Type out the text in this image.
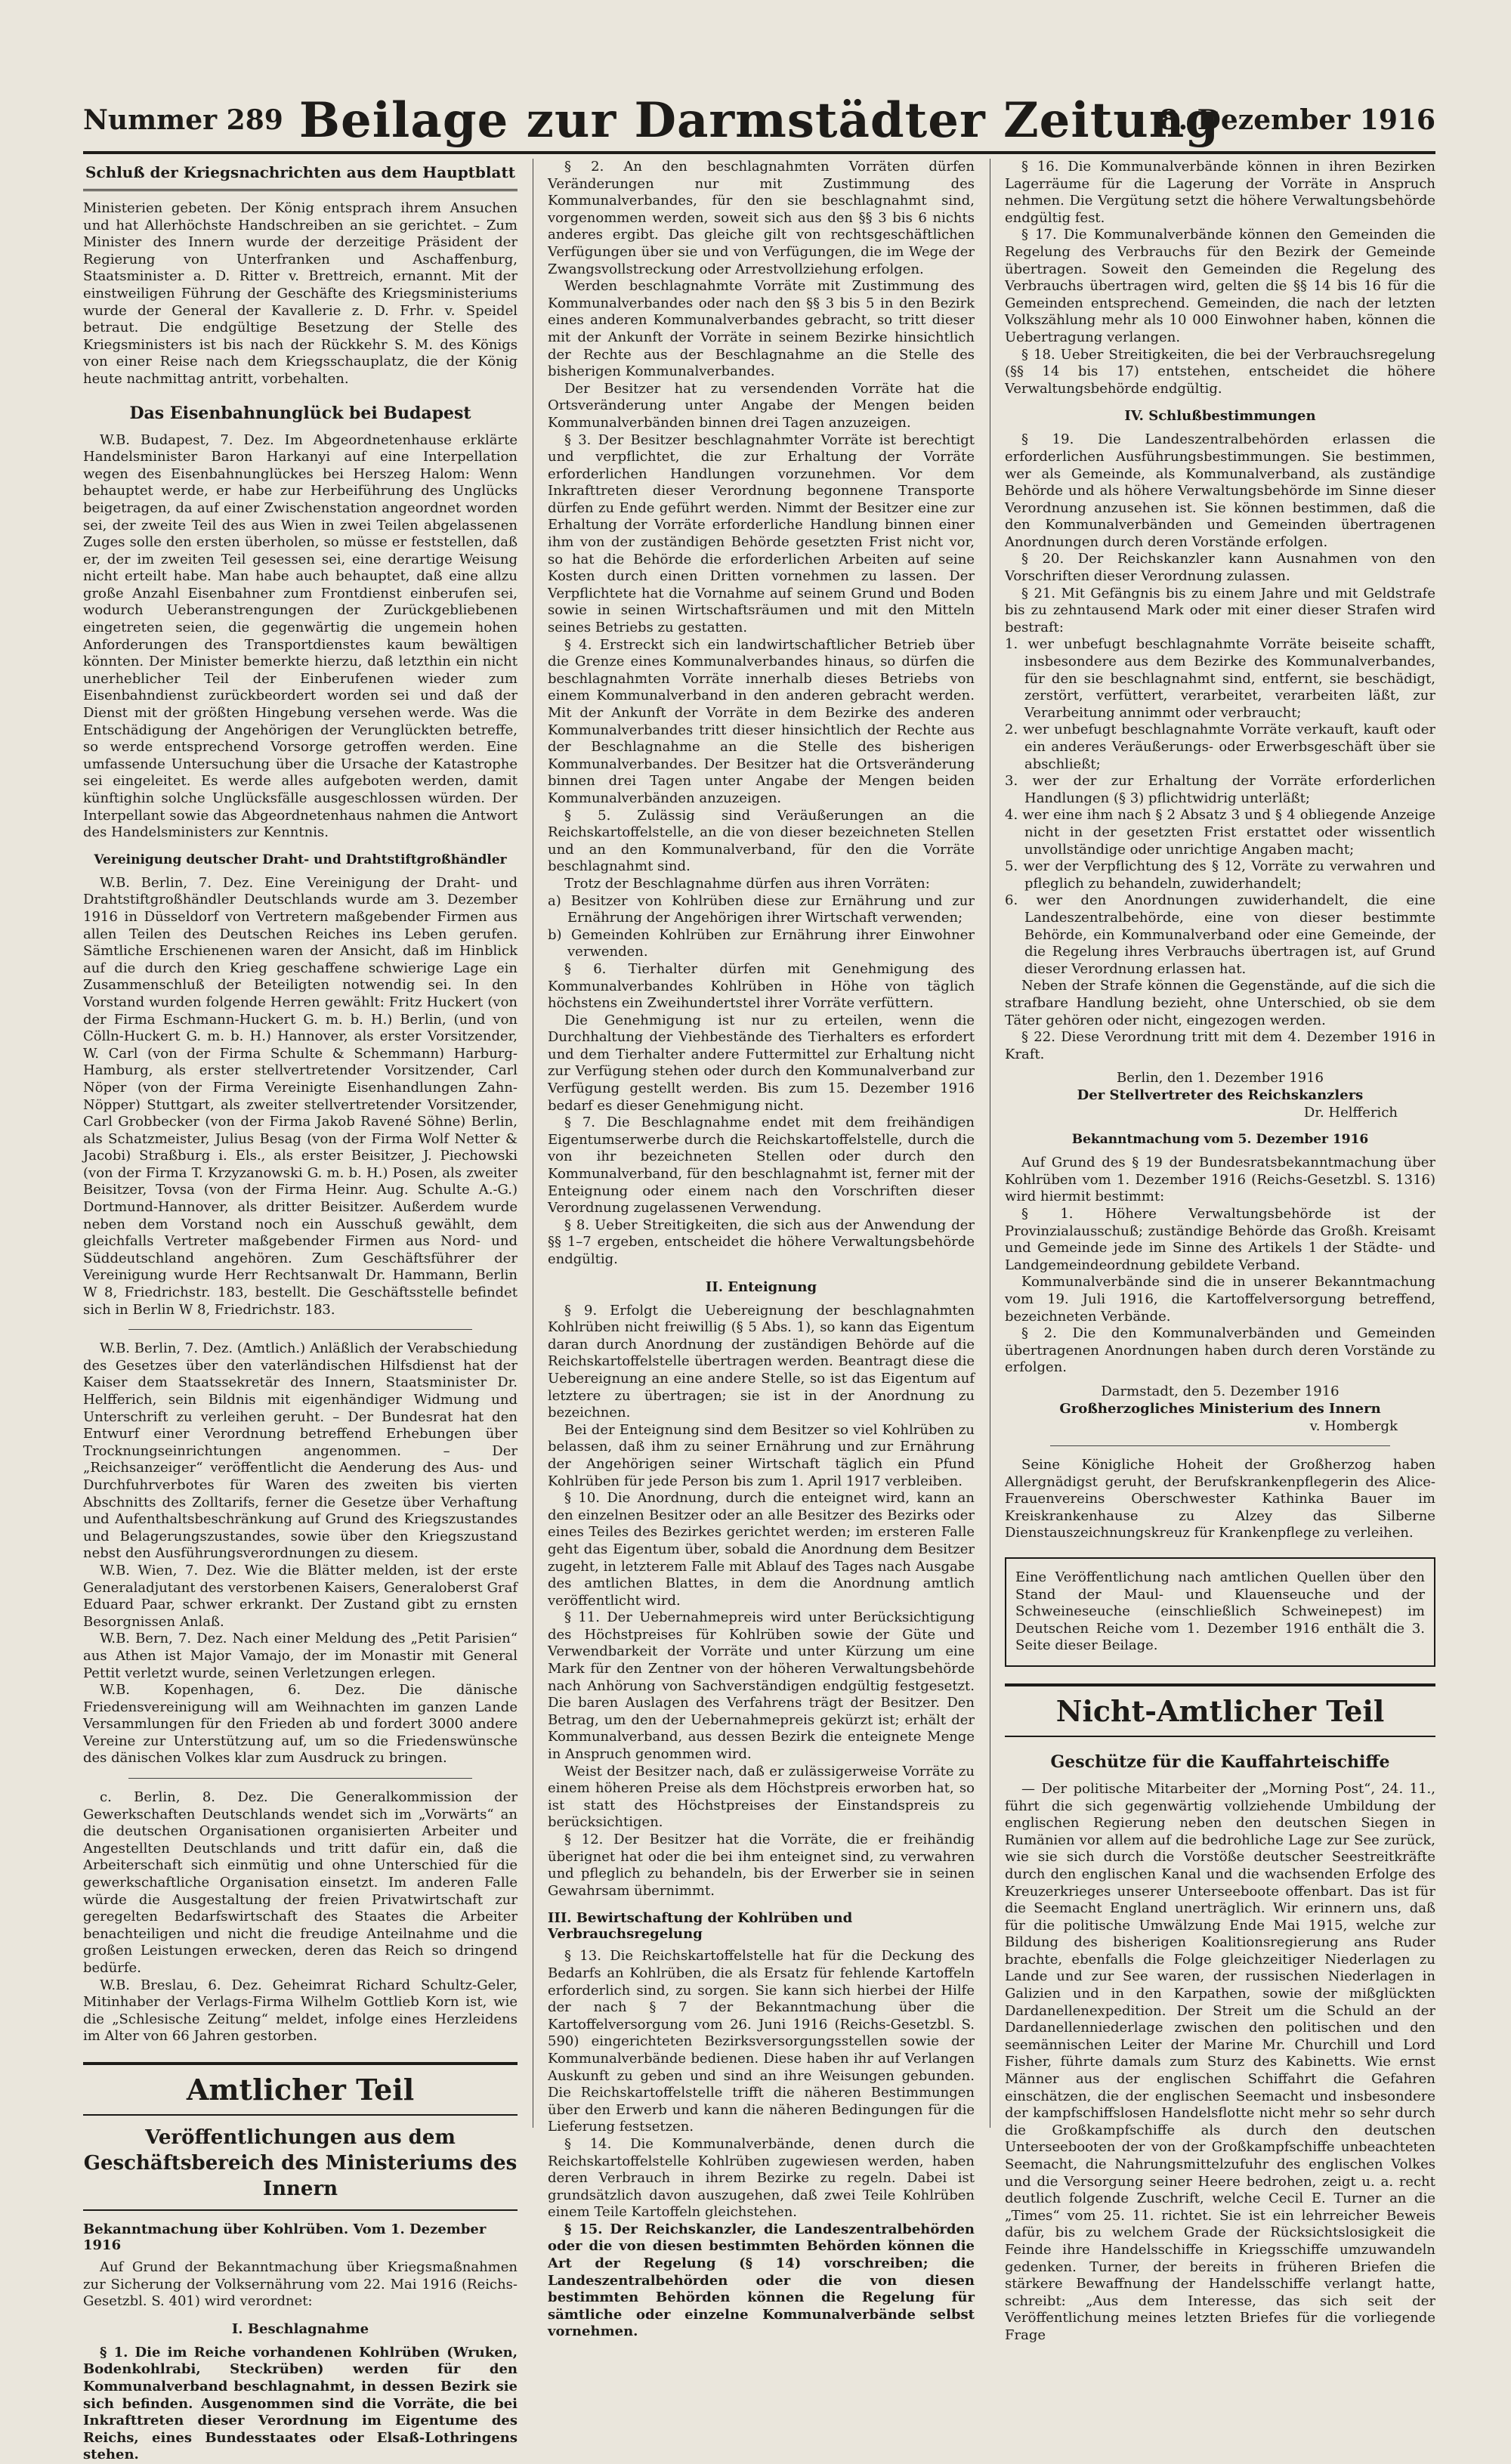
Nummer 289 Beilage zur Darmstädter Zeitung
8. Dezember 1916
Schluß der Kriegsnachrichten aus dem Hauptblatt

Ministerien gebeten. Der König entsprach ihrem Ansuchen und hat Allerhöchste Handschreiben an sie gerichtet. – Zum Minister des Innern wurde der derzeitige Präsident der Regierung von Unterfranken und Aschaffenburg, Staatsminister a. D. Ritter v. Brettreich, ernannt. Mit der einstweiligen Führung der Geschäfte des Kriegsministeriums wurde der General der Kavallerie z. D. Frhr. v. Speidel betraut. Die endgültige Besetzung der Stelle des Kriegsministers ist bis nach der Rückkehr S. M. des Königs von einer Reise nach dem Kriegsschauplatz, die der König heute nachmittag antritt, vorbehalten.

Das Eisenbahnunglück bei Budapest

W.B. Budapest, 7. Dez. Im Abgeordnetenhause erklärte Handelsminister Baron Harkanyi auf eine Interpellation wegen des Eisenbahnunglückes bei Herszeg Halom: Wenn behauptet werde, er habe zur Herbeiführung des Unglücks beigetragen, da auf einer Zwischenstation angeordnet worden sei, der zweite Teil des aus Wien in zwei Teilen abgelassenen Zuges solle den ersten überholen, so müsse er feststellen, daß er, der im zweiten Teil gesessen sei, eine derartige Weisung nicht erteilt habe. Man habe auch behauptet, daß eine allzu große Anzahl Eisenbahner zum Frontdienst einberufen sei, wodurch Ueberanstrengungen der Zurückgebliebenen eingetreten seien, die gegenwärtig die ungemein hohen Anforderungen des Transportdienstes kaum bewältigen könnten. Der Minister bemerkte hierzu, daß letzthin ein nicht unerheblicher Teil der Einberufenen wieder zum Eisenbahndienst zurückbeordert worden sei und daß der Dienst mit der größten Hingebung versehen werde. Was die Entschädigung der Angehörigen der Verunglückten betreffe, so werde entsprechend Vorsorge getroffen werden. Eine umfassende Untersuchung über die Ursache der Katastrophe sei eingeleitet. Es werde alles aufgeboten werden, damit künftighin solche Unglücksfälle ausgeschlossen würden. Der Interpellant sowie das Abgeordnetenhaus nahmen die Antwort des Handelsministers zur Kenntnis.

Vereinigung deutscher Draht- und Drahtstiftgroßhändler

W.B. Berlin, 7. Dez. Eine Vereinigung der Draht- und Drahtstiftgroßhändler Deutschlands wurde am 3. Dezember 1916 in Düsseldorf von Vertretern maßgebender Firmen aus allen Teilen des Deutschen Reiches ins Leben gerufen. Sämtliche Erschienenen waren der Ansicht, daß im Hinblick auf die durch den Krieg geschaffene schwierige Lage ein Zusammenschluß der Beteiligten notwendig sei. In den Vorstand wurden folgende Herren gewählt: Fritz Huckert (von der Firma Eschmann-Huckert G. m. b. H.) Berlin, (und von Cölln-Huckert G. m. b. H.) Hannover, als erster Vorsitzender, W. Carl (von der Firma Schulte & Schemmann) Harburg-Hamburg, als erster stellvertretender Vorsitzender, Carl Nöper (von der Firma Vereinigte Eisenhandlungen Zahn-Nöpper) Stuttgart, als zweiter stellvertretender Vorsitzender, Carl Grobbecker (von der Firma Jakob Ravené Söhne) Berlin, als Schatzmeister, Julius Besag (von der Firma Wolf Netter & Jacobi) Straßburg i. Els., als erster Beisitzer, J. Piechowski (von der Firma T. Krzyzanowski G. m. b. H.) Posen, als zweiter Beisitzer, Tovsa (von der Firma Heinr. Aug. Schulte A.-G.) Dortmund-Hannover, als dritter Beisitzer. Außerdem wurde neben dem Vorstand noch ein Ausschuß gewählt, dem gleichfalls Vertreter maßgebender Firmen aus Nord- und Süddeutschland angehören. Zum Geschäftsführer der Vereinigung wurde Herr Rechtsanwalt Dr. Hammann, Berlin W 8, Friedrichstr. 183, bestellt. Die Geschäftsstelle befindet sich in Berlin W 8, Friedrichstr. 183.

W.B. Berlin, 7. Dez. (Amtlich.) Anläßlich der Verabschiedung des Gesetzes über den vaterländischen Hilfsdienst hat der Kaiser dem Staatssekretär des Innern, Staatsminister Dr. Helfferich, sein Bildnis mit eigenhändiger Widmung und Unterschrift zu verleihen geruht. – Der Bundesrat hat den Entwurf einer Verordnung betreffend Erhebungen über Trocknungseinrichtungen angenommen. – Der „Reichsanzeiger“ veröffentlicht die Aenderung des Aus- und Durchfuhrverbotes für Waren des zweiten bis vierten Abschnitts des Zolltarifs, ferner die Gesetze über Verhaftung und Aufenthaltsbeschränkung auf Grund des Kriegszustandes und Belagerungszustandes, sowie über den Kriegszustand nebst den Ausführungsverordnungen zu diesem.

W.B. Wien, 7. Dez. Wie die Blätter melden, ist der erste Generaladjutant des verstorbenen Kaisers, Generaloberst Graf Eduard Paar, schwer erkrankt. Der Zustand gibt zu ernsten Besorgnissen Anlaß.

W.B. Bern, 7. Dez. Nach einer Meldung des „Petit Parisien“ aus Athen ist Major Vamajo, der im Monastir mit General Pettit verletzt wurde, seinen Verletzungen erlegen.

W.B. Kopenhagen, 6. Dez. Die dänische Friedensvereinigung will am Weihnachten im ganzen Lande Versammlungen für den Frieden ab und fordert 3000 andere Vereine zur Unterstützung auf, um so die Friedenswünsche des dänischen Volkes klar zum Ausdruck zu bringen.

c. Berlin, 8. Dez. Die Generalkommission der Gewerkschaften Deutschlands wendet sich im „Vorwärts“ an die deutschen Organisationen organisierten Arbeiter und Angestellten Deutschlands und tritt dafür ein, daß die Arbeiterschaft sich einmütig und ohne Unterschied für die gewerkschaftliche Organisation einsetzt. Im anderen Falle würde die Ausgestaltung der freien Privatwirtschaft zur geregelten Bedarfswirtschaft des Staates die Arbeiter benachteiligen und nicht die freudige Anteilnahme und die großen Leistungen erwecken, deren das Reich so dringend bedürfe.

W.B. Breslau, 6. Dez. Geheimrat Richard Schultz-Geler, Mitinhaber der Verlags-Firma Wilhelm Gottlieb Korn ist, wie die „Schlesische Zeitung“ meldet, infolge eines Herzleidens im Alter von 66 Jahren gestorben.

Amtlicher Teil
Veröffentlichungen aus dem Geschäftsbereich des Ministeriums des Innern
Bekanntmachung über Kohlrüben. Vom 1. Dezember 1916

Auf Grund der Bekanntmachung über Kriegsmaßnahmen zur Sicherung der Volksernährung vom 22. Mai 1916 (Reichs-Gesetzbl. S. 401) wird verordnet:

I. Beschlagnahme

§ 1. Die im Reiche vorhandenen Kohlrüben (Wruken, Bodenkohlrabi, Steckrüben) werden für den Kommunalverband beschlagnahmt, in dessen Bezirk sie sich befinden. Ausgenommen sind die Vorräte, die bei Inkrafttreten dieser Verordnung im Eigentume des Reichs, eines Bundesstaates oder Elsaß-Lothringens stehen.

§ 2. An den beschlagnahmten Vorräten dürfen Veränderungen nur mit Zustimmung des Kommunalverbandes, für den sie beschlagnahmt sind, vorgenommen werden, soweit sich aus den §§ 3 bis 6 nichts anderes ergibt. Das gleiche gilt von rechtsgeschäftlichen Verfügungen über sie und von Verfügungen, die im Wege der Zwangsvollstreckung oder Arrestvollziehung erfolgen.

Werden beschlagnahmte Vorräte mit Zustimmung des Kommunalverbandes oder nach den §§ 3 bis 5 in den Bezirk eines anderen Kommunalverbandes gebracht, so tritt dieser mit der Ankunft der Vorräte in seinem Bezirke hinsichtlich der Rechte aus der Beschlagnahme an die Stelle des bisherigen Kommunalverbandes.

Der Besitzer hat zu versendenden Vorräte hat die Ortsveränderung unter Angabe der Mengen beiden Kommunalverbänden binnen drei Tagen anzuzeigen.

§ 3. Der Besitzer beschlagnahmter Vorräte ist berechtigt und verpflichtet, die zur Erhaltung der Vorräte erforderlichen Handlungen vorzunehmen. Vor dem Inkrafttreten dieser Verordnung begonnene Transporte dürfen zu Ende geführt werden. Nimmt der Besitzer eine zur Erhaltung der Vorräte erforderliche Handlung binnen einer ihm von der zuständigen Behörde gesetzten Frist nicht vor, so hat die Behörde die erforderlichen Arbeiten auf seine Kosten durch einen Dritten vornehmen zu lassen. Der Verpflichtete hat die Vornahme auf seinem Grund und Boden sowie in seinen Wirtschaftsräumen und mit den Mitteln seines Betriebs zu gestatten.

§ 4. Erstreckt sich ein landwirtschaftlicher Betrieb über die Grenze eines Kommunalverbandes hinaus, so dürfen die beschlagnahmten Vorräte innerhalb dieses Betriebs von einem Kommunalverband in den anderen gebracht werden. Mit der Ankunft der Vorräte in dem Bezirke des anderen Kommunalverbandes tritt dieser hinsichtlich der Rechte aus der Beschlagnahme an die Stelle des bisherigen Kommunalverbandes. Der Besitzer hat die Ortsveränderung binnen drei Tagen unter Angabe der Mengen beiden Kommunalverbänden anzuzeigen.

§ 5. Zulässig sind Veräußerungen an die Reichskartoffelstelle, an die von dieser bezeichneten Stellen und an den Kommunalverband, für den die Vorräte beschlagnahmt sind.

Trotz der Beschlagnahme dürfen aus ihren Vorräten:

a) Besitzer von Kohlrüben diese zur Ernährung und zur Ernährung der Angehörigen ihrer Wirtschaft verwenden;

b) Gemeinden Kohlrüben zur Ernährung ihrer Einwohner verwenden.

§ 6. Tierhalter dürfen mit Genehmigung des Kommunalverbandes Kohlrüben in Höhe von täglich höchstens ein Zweihundertstel ihrer Vorräte verfüttern.

Die Genehmigung ist nur zu erteilen, wenn die Durchhaltung der Viehbestände des Tierhalters es erfordert und dem Tierhalter andere Futtermittel zur Erhaltung nicht zur Verfügung stehen oder durch den Kommunalverband zur Verfügung gestellt werden. Bis zum 15. Dezember 1916 bedarf es dieser Genehmigung nicht.

§ 7. Die Beschlagnahme endet mit dem freihändigen Eigentumserwerbe durch die Reichskartoffelstelle, durch die von ihr bezeichneten Stellen oder durch den Kommunalverband, für den beschlagnahmt ist, ferner mit der Enteignung oder einem nach den Vorschriften dieser Verordnung zugelassenen Verwendung.

§ 8. Ueber Streitigkeiten, die sich aus der Anwendung der §§ 1–7 ergeben, entscheidet die höhere Verwaltungsbehörde endgültig.

II. Enteignung

§ 9. Erfolgt die Uebereignung der beschlagnahmten Kohlrüben nicht freiwillig (§ 5 Abs. 1), so kann das Eigentum daran durch Anordnung der zuständigen Behörde auf die Reichskartoffelstelle übertragen werden. Beantragt diese die Uebereignung an eine andere Stelle, so ist das Eigentum auf letztere zu übertragen; sie ist in der Anordnung zu bezeichnen.

Bei der Enteignung sind dem Besitzer so viel Kohlrüben zu belassen, daß ihm zu seiner Ernährung und zur Ernährung der Angehörigen seiner Wirtschaft täglich ein Pfund Kohlrüben für jede Person bis zum 1. April 1917 verbleiben.

§ 10. Die Anordnung, durch die enteignet wird, kann an den einzelnen Besitzer oder an alle Besitzer des Bezirks oder eines Teiles des Bezirkes gerichtet werden; im ersteren Falle geht das Eigentum über, sobald die Anordnung dem Besitzer zugeht, in letzterem Falle mit Ablauf des Tages nach Ausgabe des amtlichen Blattes, in dem die Anordnung amtlich veröffentlicht wird.

§ 11. Der Uebernahmepreis wird unter Berücksichtigung des Höchstpreises für Kohlrüben sowie der Güte und Verwendbarkeit der Vorräte und unter Kürzung um eine Mark für den Zentner von der höheren Verwaltungsbehörde nach Anhörung von Sachverständigen endgültig festgesetzt. Die baren Auslagen des Verfahrens trägt der Besitzer. Den Betrag, um den der Uebernahmepreis gekürzt ist; erhält der Kommunalverband, aus dessen Bezirk die enteignete Menge in Anspruch genommen wird.

Weist der Besitzer nach, daß er zulässigerweise Vorräte zu einem höheren Preise als dem Höchstpreis erworben hat, so ist statt des Höchstpreises der Einstandspreis zu berücksichtigen.

§ 12. Der Besitzer hat die Vorräte, die er freihändig überignet hat oder die bei ihm enteignet sind, zu verwahren und pfleglich zu behandeln, bis der Erwerber sie in seinen Gewahrsam übernimmt.

III. Bewirtschaftung der Kohlrüben und Verbrauchsregelung

§ 13. Die Reichskartoffelstelle hat für die Deckung des Bedarfs an Kohlrüben, die als Ersatz für fehlende Kartoffeln erforderlich sind, zu sorgen. Sie kann sich hierbei der Hilfe der nach § 7 der Bekanntmachung über die Kartoffelversorgung vom 26. Juni 1916 (Reichs-Gesetzbl. S. 590) eingerichteten Bezirksversorgungsstellen sowie der Kommunalverbände bedienen. Diese haben ihr auf Verlangen Auskunft zu geben und sind an ihre Weisungen gebunden. Die Reichskartoffelstelle trifft die näheren Bestimmungen über den Erwerb und kann die näheren Bedingungen für die Lieferung festsetzen.

§ 14. Die Kommunalverbände, denen durch die Reichskartoffelstelle Kohlrüben zugewiesen werden, haben deren Verbrauch in ihrem Bezirke zu regeln. Dabei ist grundsätzlich davon auszugehen, daß zwei Teile Kohlrüben einem Teile Kartoffeln gleichstehen.

§ 15. Der Reichskanzler, die Landeszentralbehörden oder die von diesen bestimmten Behörden können die Art der Regelung (§ 14) vorschreiben; die Landeszentralbehörden oder die von diesen bestimmten Behörden können die Regelung für sämtliche oder einzelne Kommunalverbände selbst vornehmen.

§ 16. Die Kommunalverbände können in ihren Bezirken Lagerräume für die Lagerung der Vorräte in Anspruch nehmen. Die Vergütung setzt die höhere Verwaltungsbehörde endgültig fest.

§ 17. Die Kommunalverbände können den Gemeinden die Regelung des Verbrauchs für den Bezirk der Gemeinde übertragen. Soweit den Gemeinden die Regelung des Verbrauchs übertragen wird, gelten die §§ 14 bis 16 für die Gemeinden entsprechend. Gemeinden, die nach der letzten Volkszählung mehr als 10 000 Einwohner haben, können die Uebertragung verlangen.

§ 18. Ueber Streitigkeiten, die bei der Verbrauchsregelung (§§ 14 bis 17) entstehen, entscheidet die höhere Verwaltungsbehörde endgültig.

IV. Schlußbestimmungen

§ 19. Die Landeszentralbehörden erlassen die erforderlichen Ausführungsbestimmungen. Sie bestimmen, wer als Gemeinde, als Kommunalverband, als zuständige Behörde und als höhere Verwaltungsbehörde im Sinne dieser Verordnung anzusehen ist. Sie können bestimmen, daß die den Kommunalverbänden und Gemeinden übertragenen Anordnungen durch deren Vorstände erfolgen.

§ 20. Der Reichskanzler kann Ausnahmen von den Vorschriften dieser Verordnung zulassen.

§ 21. Mit Gefängnis bis zu einem Jahre und mit Geldstrafe bis zu zehntausend Mark oder mit einer dieser Strafen wird bestraft:

1. wer unbefugt beschlagnahmte Vorräte beiseite schafft, insbesondere aus dem Bezirke des Kommunalverbandes, für den sie beschlagnahmt sind, entfernt, sie beschädigt, zerstört, verfüttert, verarbeitet, verarbeiten läßt, zur Verarbeitung annimmt oder verbraucht;

2. wer unbefugt beschlagnahmte Vorräte verkauft, kauft oder ein anderes Veräußerungs- oder Erwerbsgeschäft über sie abschließt;

3. wer der zur Erhaltung der Vorräte erforderlichen Handlungen (§ 3) pflichtwidrig unterläßt;

4. wer eine ihm nach § 2 Absatz 3 und § 4 obliegende Anzeige nicht in der gesetzten Frist erstattet oder wissentlich unvollständige oder unrichtige Angaben macht;

5. wer der Verpflichtung des § 12, Vorräte zu verwahren und pfleglich zu behandeln, zuwiderhandelt;

6. wer den Anordnungen zuwiderhandelt, die eine Landeszentralbehörde, eine von dieser bestimmte Behörde, ein Kommunalverband oder eine Gemeinde, der die Regelung ihres Verbrauchs übertragen ist, auf Grund dieser Verordnung erlassen hat.

Neben der Strafe können die Gegenstände, auf die sich die strafbare Handlung bezieht, ohne Unterschied, ob sie dem Täter gehören oder nicht, eingezogen werden.

§ 22. Diese Verordnung tritt mit dem 4. Dezember 1916 in Kraft.

Berlin, den 1. Dezember 1916
Der Stellvertreter des Reichskanzlers
Dr. Helfferich
Bekanntmachung vom 5. Dezember 1916

Auf Grund des § 19 der Bundesratsbekanntmachung über Kohlrüben vom 1. Dezember 1916 (Reichs-Gesetzbl. S. 1316) wird hiermit bestimmt:

§ 1. Höhere Verwaltungsbehörde ist der Provinzialausschuß; zuständige Behörde das Großh. Kreisamt und Gemeinde jede im Sinne des Artikels 1 der Städte- und Landgemeindeordnung gebildete Verband.

Kommunalverbände sind die in unserer Bekanntmachung vom 19. Juli 1916, die Kartoffelversorgung betreffend, bezeichneten Verbände.

§ 2. Die den Kommunalverbänden und Gemeinden übertragenen Anordnungen haben durch deren Vorstände zu erfolgen.

Darmstadt, den 5. Dezember 1916
Großherzogliches Ministerium des Innern
v. Hombergk

Seine Königliche Hoheit der Großherzog haben Allergnädigst geruht, der Berufskrankenpflegerin des Alice-Frauenvereins Oberschwester Kathinka Bauer im Kreiskrankenhause zu Alzey das Silberne Dienstauszeichnungskreuz für Krankenpflege zu verleihen.

Eine Veröffentlichung nach amtlichen Quellen über den Stand der Maul- und Klauenseuche und der Schweineseuche (einschließlich Schweinepest) im Deutschen Reiche vom 1. Dezember 1916 enthält die 3. Seite dieser Beilage.

Nicht-Amtlicher Teil
Geschütze für die Kauffahrteischiffe

— Der politische Mitarbeiter der „Morning Post“, 24. 11., führt die sich gegenwärtig vollziehende Umbildung der englischen Regierung neben den deutschen Siegen in Rumänien vor allem auf die bedrohliche Lage zur See zurück, wie sie sich durch die Vorstöße deutscher Seestreitkräfte durch den englischen Kanal und die wachsenden Erfolge des Kreuzerkrieges unserer Unterseeboote offenbart. Das ist für die Seemacht England unerträglich. Wir erinnern uns, daß für die politische Umwälzung Ende Mai 1915, welche zur Bildung des bisherigen Koalitionsregierung ans Ruder brachte, ebenfalls die Folge gleichzeitiger Niederlagen zu Lande und zur See waren, der russischen Niederlagen in Galizien und in den Karpathen, sowie der mißglückten Dardanellenexpedition. Der Streit um die Schuld an der Dardanellenniederlage zwischen den politischen und den seemännischen Leiter der Marine Mr. Churchill und Lord Fisher, führte damals zum Sturz des Kabinetts. Wie ernst Männer aus der englischen Schiffahrt die Gefahren einschätzen, die der englischen Seemacht und insbesondere der kampfschiffslosen Handelsflotte nicht mehr so sehr durch die Großkampfschiffe als durch den deutschen Unterseebooten der von der Großkampfschiffe unbeachteten Seemacht, die Nahrungsmittelzufuhr des englischen Volkes und die Versorgung seiner Heere bedrohen, zeigt u. a. recht deutlich folgende Zuschrift, welche Cecil E. Turner an die „Times“ vom 25. 11. richtet. Sie ist ein lehrreicher Beweis dafür, bis zu welchem Grade der Rücksichtslosigkeit die Feinde ihre Handelsschiffe in Kriegsschiffe umzuwandeln gedenken. Turner, der bereits in früheren Briefen die stärkere Bewaffnung der Handelsschiffe verlangt hatte, schreibt: „Aus dem Interesse, das sich seit der Veröffentlichung meines letzten Briefes für die vorliegende Frage
